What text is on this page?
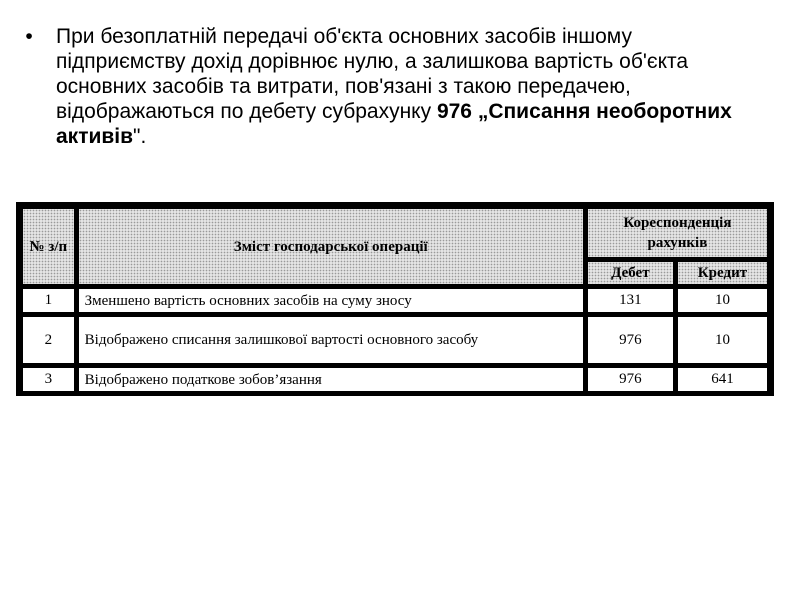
• При безоплатній передачі об'єкта основних засобів іншому підприємству дохід дорівнює нулю, а залишкова вартість об'єкта основних засобів та витрати, пов'язані з такою передачею, відображаються по дебету субрахунку 976 „Списання необоротних активів".
№ з/п	Зміст господарської операції	Кореспонденція рахунків	
		Дебет	Кредит
1	Зменшено вартість основних засобів на суму зносу	131	10
2	Відображено списання залишкової вартості основного засобу	976	10
3	Відображено податкове зобов’язання	976	641
